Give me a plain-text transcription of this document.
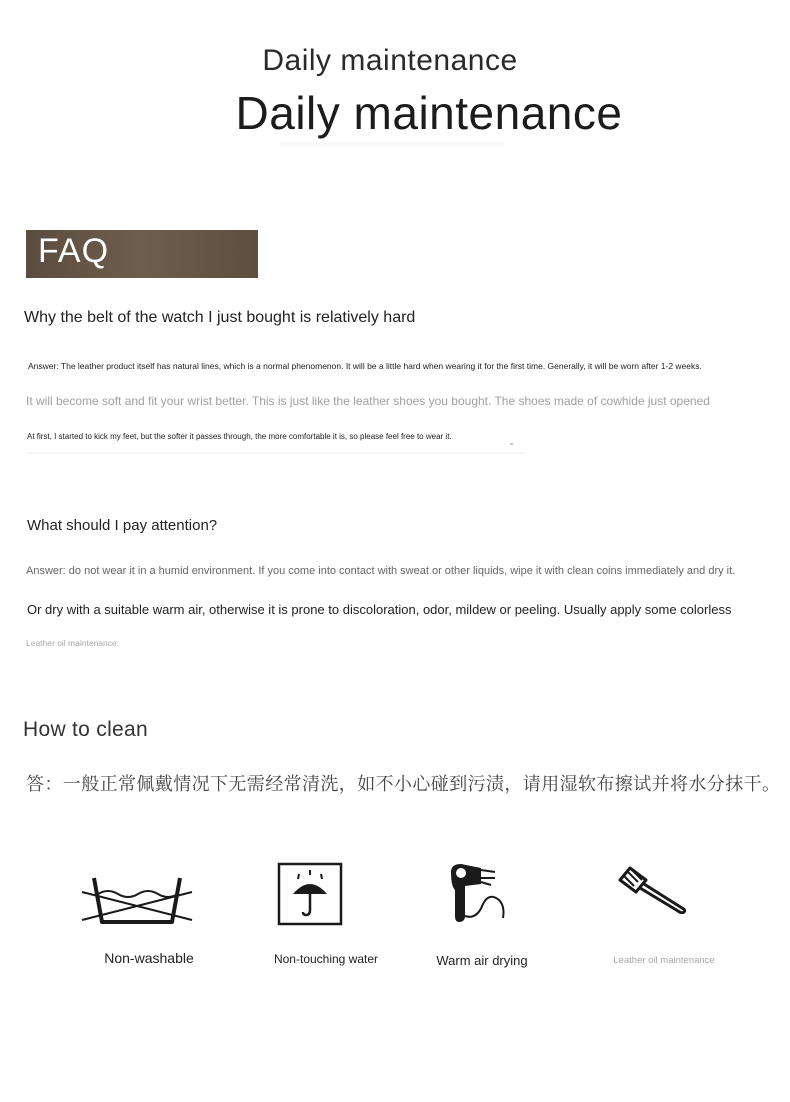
Daily maintenance
Daily maintenance
FAQ
Why the belt of the watch I just bought is relatively hard
Answer: The leather product itself has natural lines, which is a normal phenomenon. It will be a little hard when wearing it for the first time. Generally, it will be worn after 1-2 weeks.
It will become soft and fit your wrist better. This is just like the leather shoes you bought. The shoes made of cowhide just opened
At first, I started to kick my feet, but the softer it passes through, the more comfortable it is, so please feel free to wear it.
≈
What should I pay attention?
Answer: do not wear it in a humid environment. If you come into contact with sweat or other liquids, wipe it with clean coins immediately and dry it.
Or dry with a suitable warm air, otherwise it is prone to discoloration, odor, mildew or peeling. Usually apply some colorless
Leather oil maintenance.
How to clean
答：一般正常佩戴情况下无需经常清洗，如不小心碰到污渍，请用湿软布擦试并将水分抹干。
Non-washable	Non-touching water	Warm air drying	Leather oil maintenance
